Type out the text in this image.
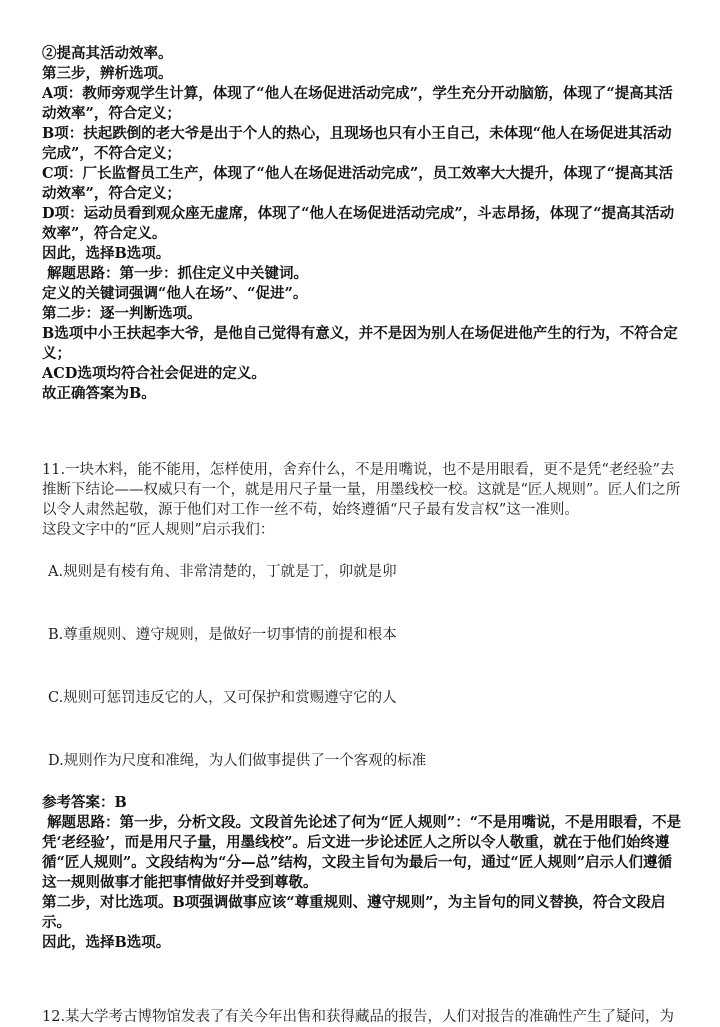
②提高其活动效率。

第三步，辨析选项。

A项：教师旁观学生计算，体现了“他人在场促进活动完成”，学生充分开动脑筋，体现了“提高其活动效率”，符合定义；

B项：扶起跌倒的老大爷是出于个人的热心，且现场也只有小王自己，未体现“他人在场促进其活动完成”，不符合定义；

C项：厂长监督员工生产，体现了“他人在场促进活动完成”，员工效率大大提升，体现了“提高其活动效率”，符合定义；

D项：运动员看到观众座无虚席，体现了“他人在场促进活动完成”，斗志昂扬，体现了“提高其活动效率”，符合定义。

因此，选择B选项。

解题思路：第一步：抓住定义中关键词。

定义的关键词强调“他人在场”、“促进”。

第二步：逐一判断选项。

B选项中小王扶起李大爷，是他自己觉得有意义，并不是因为别人在场促进他产生的行为，不符合定义；

ACD选项均符合社会促进的定义。

故正确答案为B。

11.一块木料，能不能用，怎样使用，舍弃什么，不是用嘴说，也不是用眼看，更不是凭“老经验”去推断下结论——权威只有一个，就是用尺子量一量，用墨线校一校。这就是“匠人规则”。匠人们之所以令人肃然起敬，源于他们对工作一丝不苟，始终遵循“尺子最有发言权”这一准则。

这段文字中的“匠人规则”启示我们：

A.规则是有棱有角、非常清楚的，丁就是丁，卯就是卯

B.尊重规则、遵守规则，是做好一切事情的前提和根本

C.规则可惩罚违反它的人，又可保护和赏赐遵守它的人

D.规则作为尺度和准绳，为人们做事提供了一个客观的标准

参考答案：B

解题思路：第一步，分析文段。文段首先论述了何为“匠人规则”：“不是用嘴说，不是用眼看，不是凭‘老经验’，而是用尺子量，用墨线校”。后文进一步论述匠人之所以令人敬重，就在于他们始终遵循“匠人规则”。文段结构为“分—总”结构，文段主旨句为最后一句，通过“匠人规则”启示人们遵循这一规则做事才能把事情做好并受到尊敬。

第二步，对比选项。B项强调做事应该“尊重规则、遵守规则”，为主旨句的同义替换，符合文段启示。

因此，选择B选项。

12.某大学考古博物馆发表了有关今年出售和获得藏品的报告，人们对报告的准确性产生了疑问，为
